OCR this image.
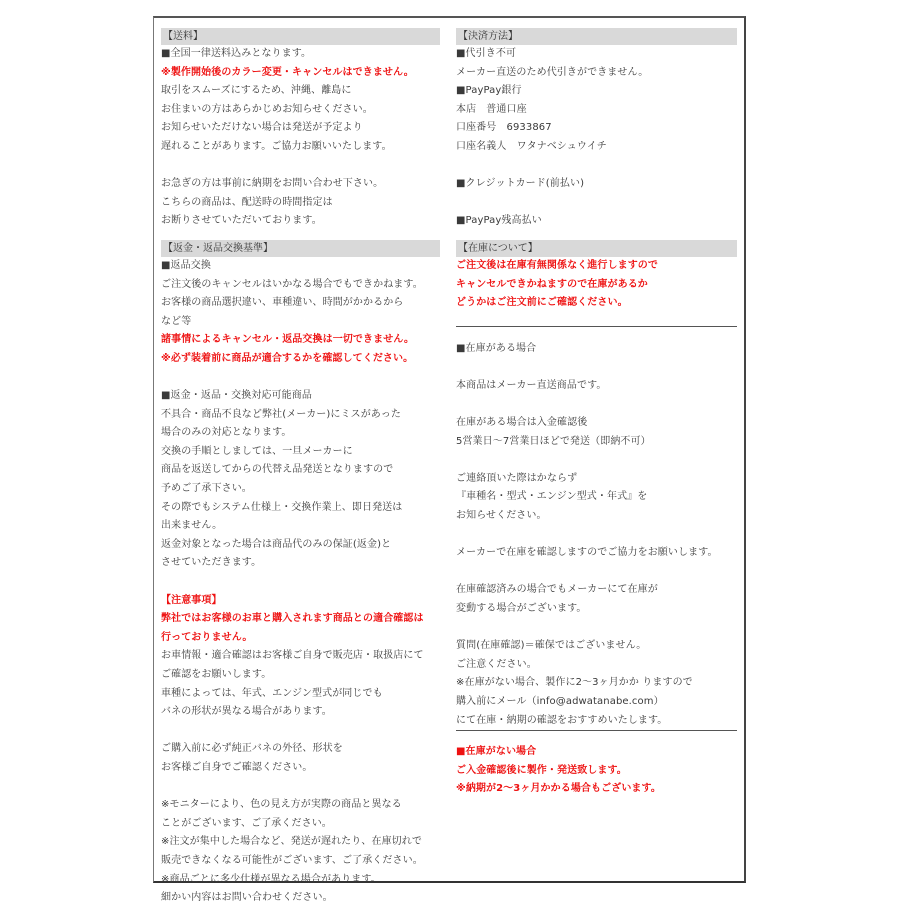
【送料】
■全国一律送料込みとなります。
※製作開始後のカラー変更・キャンセルはできません。
取引をスムーズにするため、沖縄、離島に
お住まいの方はあらかじめお知らせください。
お知らせいただけない場合は発送が予定より
遅れることがあります。ご協力お願いいたします。
お急ぎの方は事前に納期をお問い合わせ下さい。
こちらの商品は、配送時の時間指定は
お断りさせていただいております。
【返金・返品交換基準】
■返品交換
ご注文後のキャンセルはいかなる場合でもできかねます。
お客様の商品選択違い、車種違い、時間がかかるから
など等
諸事情によるキャンセル・返品交換は一切できません。
※必ず装着前に商品が適合するかを確認してください。
■返金・返品・交換対応可能商品
不具合・商品不良など弊社(メーカー)にミスがあった
場合のみの対応となります。
交換の手順としましては、一旦メーカーに
商品を返送してからの代替え品発送となりますので
予めご了承下さい。
その際でもシステム仕様上・交換作業上、即日発送は
出来ません。
返金対象となった場合は商品代のみの保証(返金)と
させていただきます。
【注意事項】
弊社ではお客様のお車と購入されます商品との適合確認は
行っておりません。
お車情報・適合確認はお客様ご自身で販売店・取扱店にて
ご確認をお願いします。
車種によっては、年式、エンジン型式が同じでも
バネの形状が異なる場合があります。
ご購入前に必ず純正バネの外径、形状を
お客様ご自身でご確認ください。
※モニターにより、色の見え方が実際の商品と異なる
ことがございます、ご了承ください。
※注文が集中した場合など、発送が遅れたり、在庫切れで
販売できなくなる可能性がございます、ご了承ください。
※商品ごとに多少仕様が異なる場合があります。
細かい内容はお問い合わせください。
【決済方法】
■代引き不可
メーカー直送のため代引きができません。
■PayPay銀行
本店　普通口座
口座番号　6933867
口座名義人　ワタナベシュウイチ
■クレジットカード(前払い)
■PayPay残高払い
【在庫について】
ご注文後は在庫有無関係なく進行しますので
キャンセルできかねますので在庫があるか
どうかはご注文前にご確認ください。
■在庫がある場合
本商品はメーカー直送商品です。
在庫がある場合は入金確認後
5営業日〜7営業日ほどで発送（即納不可）
ご連絡頂いた際はかならず
『車種名・型式・エンジン型式・年式』を
お知らせください。
メーカーで在庫を確認しますのでご協力をお願いします。
在庫確認済みの場合でもメーカーにて在庫が
変動する場合がございます。
質問(在庫確認)＝確保ではございません。
ご注意ください。
※在庫がない場合、製作に2〜3ヶ月かか りますので
購入前にメール（info@adwatanabe.com）
にて在庫・納期の確認をおすすめいたします。
■在庫がない場合
ご入金確認後に製作・発送致します。
※納期が2〜3ヶ月かかる場合もございます。
